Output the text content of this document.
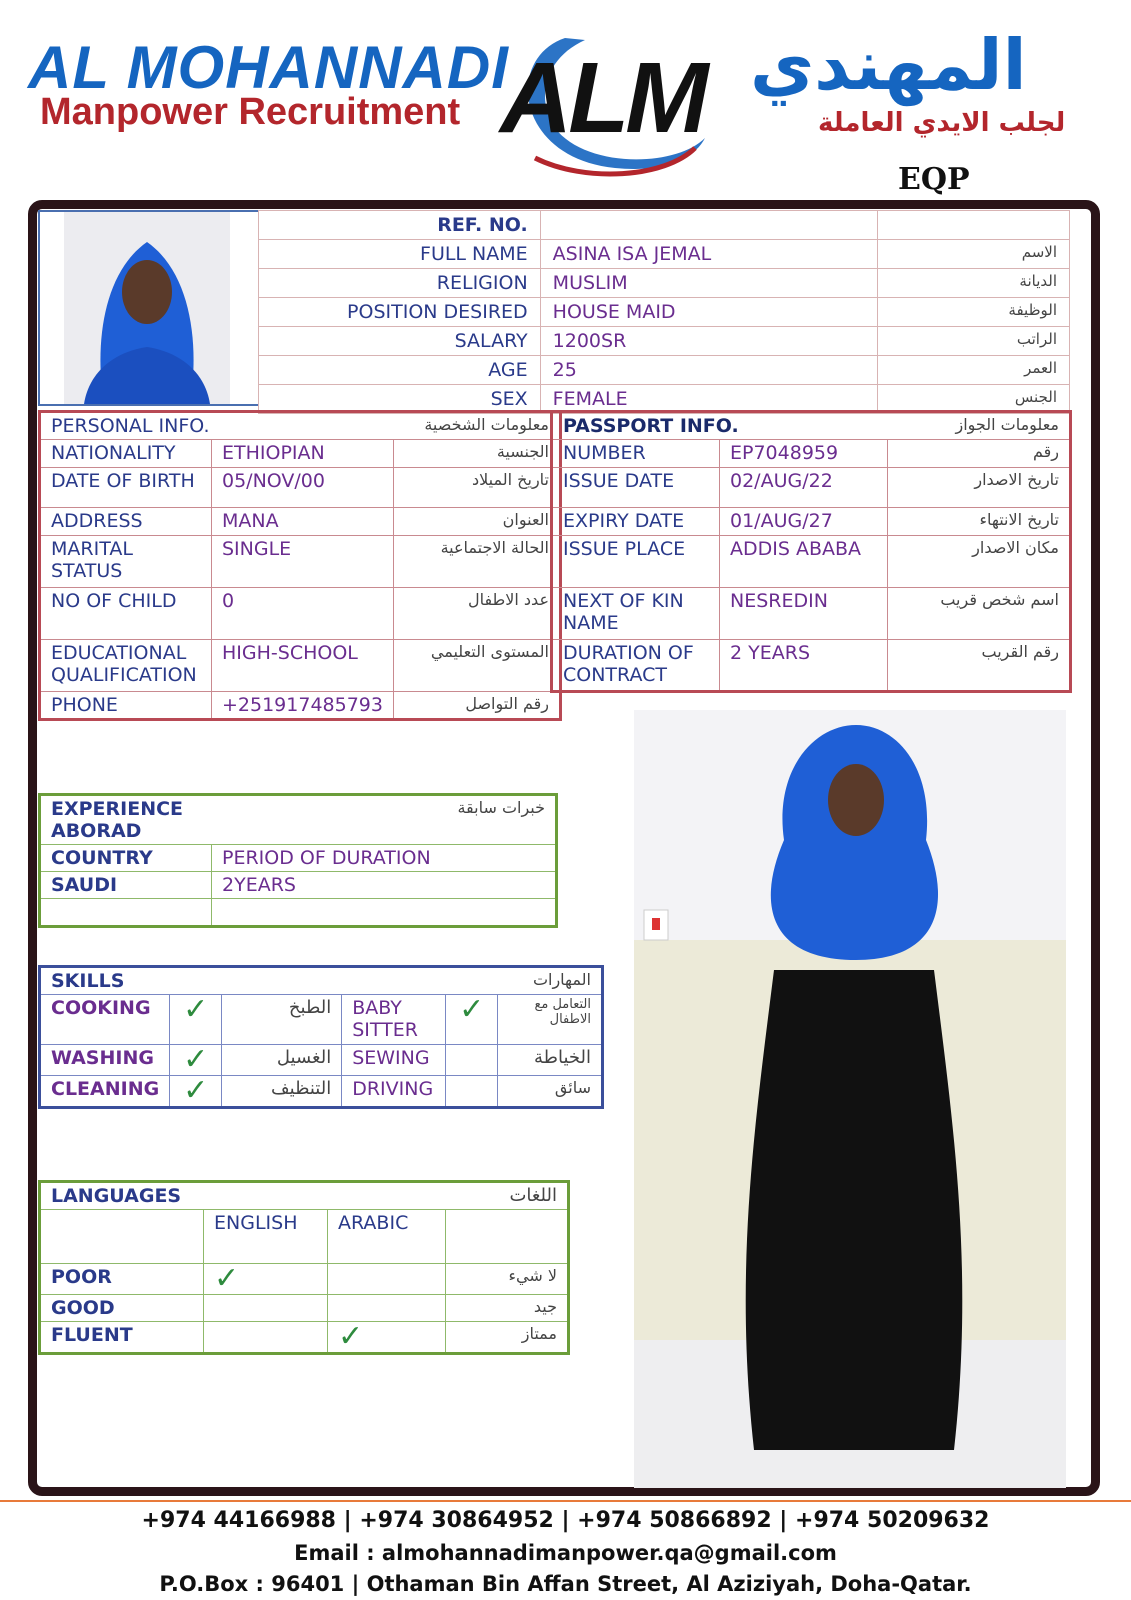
AL MOHANNADI
Manpower Recruitment ALM المهندي
لجلب الايدي العاملة
EQP
REF. NO.		
FULL NAME	ASINA ISA JEMAL	الاسم
RELIGION	MUSLIM	الديانة
POSITION DESIRED	HOUSE MAID	الوظيفة
SALARY	1200SR	الراتب
AGE	25	العمر
SEX	FEMALE	الجنس
PERSONAL INFO.		معلومات الشخصية
NATIONALITY	ETHIOPIAN	الجنسية
DATE OF BIRTH	05/NOV/00	تاريخ الميلاد
ADDRESS	MANA	العنوان
MARITAL STATUS	SINGLE	الحالة الاجتماعية
NO OF CHILD	0	عدد الاطفال
EDUCATIONAL QUALIFICATION	HIGH-SCHOOL	المستوى التعليمي
PHONE	+251917485793	رقم التواصل
PASSPORT INFO.		معلومات الجواز
NUMBER	EP7048959	رقم
ISSUE DATE	02/AUG/22	تاريخ الاصدار
EXPIRY DATE	01/AUG/27	تاريخ الانتهاء
ISSUE PLACE	ADDIS ABABA	مكان الاصدار
NEXT OF KIN NAME	NESREDIN	اسم شخص قريب
DURATION OF CONTRACT	2 YEARS	رقم القريب
EXPERIENCE ABORAD	خبرات سابقة
COUNTRY	PERIOD OF DURATION
SAUDI	2YEARS

SKILLS			المهارات		
COOKING	✓	الطبخ	BABY SITTER	✓	التعامل مع الاطفال
WASHING	✓	الغسيل	SEWING		الخياطة
CLEANING	✓	التنظيف	DRIVING		سائق
LANGUAGES			اللغات
	ENGLISH	ARABIC	
POOR	✓		لا شيء
GOOD			جيد
FLUENT		✓	ممتاز
+974 44166988 | +974 30864952 | +974 50866892 | +974 50209632
Email : almohannadimanpower.qa@gmail.com
P.O.Box : 96401 | Othaman Bin Affan Street, Al Aziziyah, Doha-Qatar.
